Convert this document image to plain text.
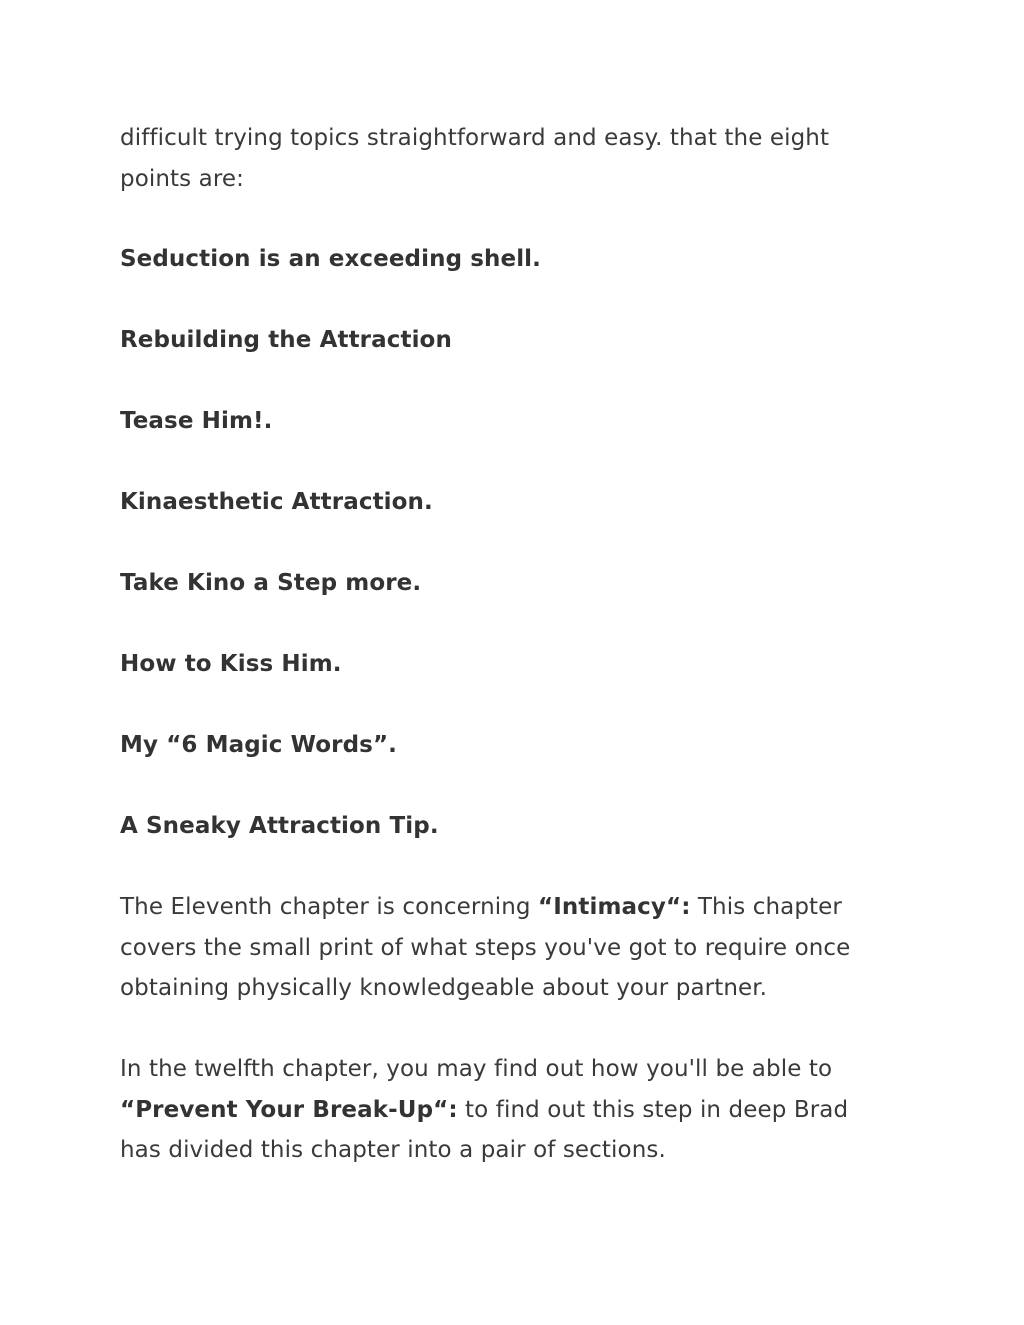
difficult trying topics straightforward and easy. that the eight points are:

Seduction is an exceeding shell.

Rebuilding the Attraction

Tease Him!.

Kinaesthetic Attraction.

Take Kino a Step more.

How to Kiss Him.

My “6 Magic Words”.

A Sneaky Attraction Tip.

The Eleventh chapter is concerning “Intimacy“: This chapter covers the small print of what steps you've got to require once obtaining physically knowledgeable about your partner.

In the twelfth chapter, you may find out how you'll be able to “Prevent Your Break-Up“: to find out this step in deep Brad has divided this chapter into a pair of sections.
